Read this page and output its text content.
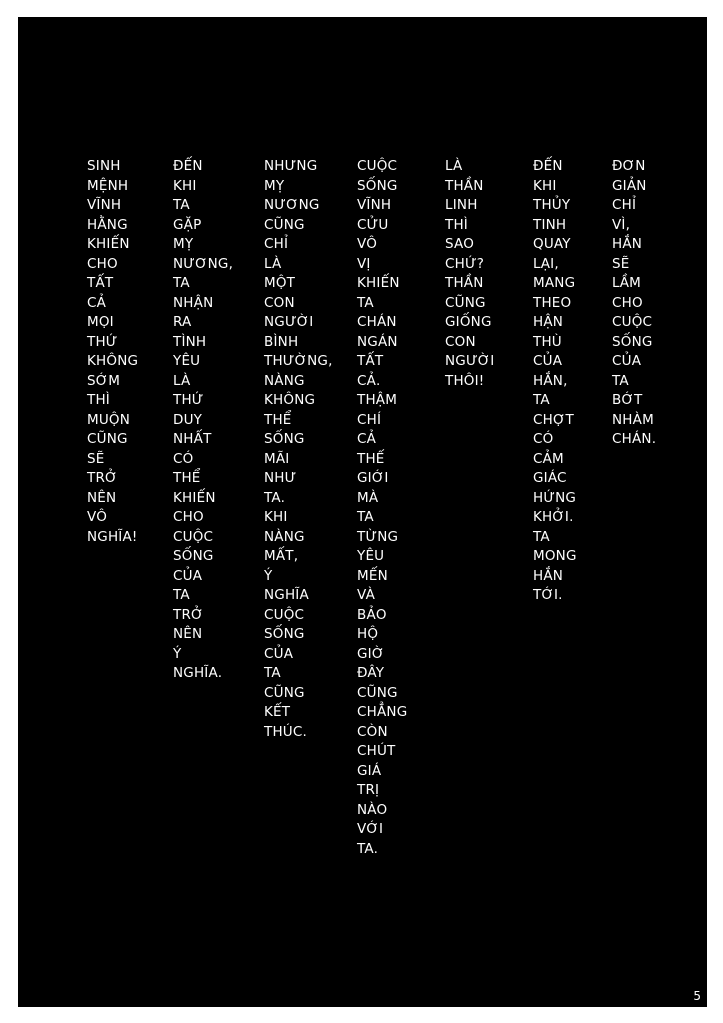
SINH
MỆNH
VĨNH
HẰNG
KHIẾN
CHO
TẤT
CẢ
MỌI
THỨ
KHÔNG
SỚM
THÌ
MUỘN
CŨNG
SẼ
TRỞ
NÊN
VÔ
NGHĨA!
ĐẾN
KHI
TA
GẶP
MỴ
NƯƠNG,
TA
NHẬN
RA
TÌNH
YÊU
LÀ
THỨ
DUY
NHẤT
CÓ
THỂ
KHIẾN
CHO
CUỘC
SỐNG
CỦA
TA
TRỞ
NÊN
Ý
NGHĨA.
NHƯNG
MỴ
NƯƠNG
CŨNG
CHỈ
LÀ
MỘT
CON
NGƯỜI
BÌNH
THƯỜNG,
NÀNG
KHÔNG
THỂ
SỐNG
MÃI
NHƯ
TA.
KHI
NÀNG
MẤT,
Ý
NGHĨA
CUỘC
SỐNG
CỦA
TA
CŨNG
KẾT
THÚC.
CUỘC
SỐNG
VĨNH
CỬU
VÔ
VỊ
KHIẾN
TA
CHÁN
NGÁN
TẤT
CẢ.
THẬM
CHÍ
CẢ
THẾ
GIỚI
MÀ
TA
TỪNG
YÊU
MẾN
VÀ
BẢO
HỘ
GIỜ
ĐÂY
CŨNG
CHẲNG
CÒN
CHÚT
GIÁ
TRỊ
NÀO
VỚI
TA.
LÀ
THẦN
LINH
THÌ
SAO
CHỨ?
THẦN
CŨNG
GIỐNG
CON
NGƯỜI
THÔI!
ĐẾN
KHI
THỦY
TINH
QUAY
LẠI,
MANG
THEO
HẬN
THÙ
CỦA
HẮN,
TA
CHỢT
CÓ
CẢM
GIÁC
HỨNG
KHỞI.
TA
MONG
HẮN
TỚI.
ĐƠN
GIẢN
CHỈ
VÌ,
HẮN
SẼ
LẦM
CHO
CUỘC
SỐNG
CỦA
TA
BỚT
NHÀM
CHÁN.
5
